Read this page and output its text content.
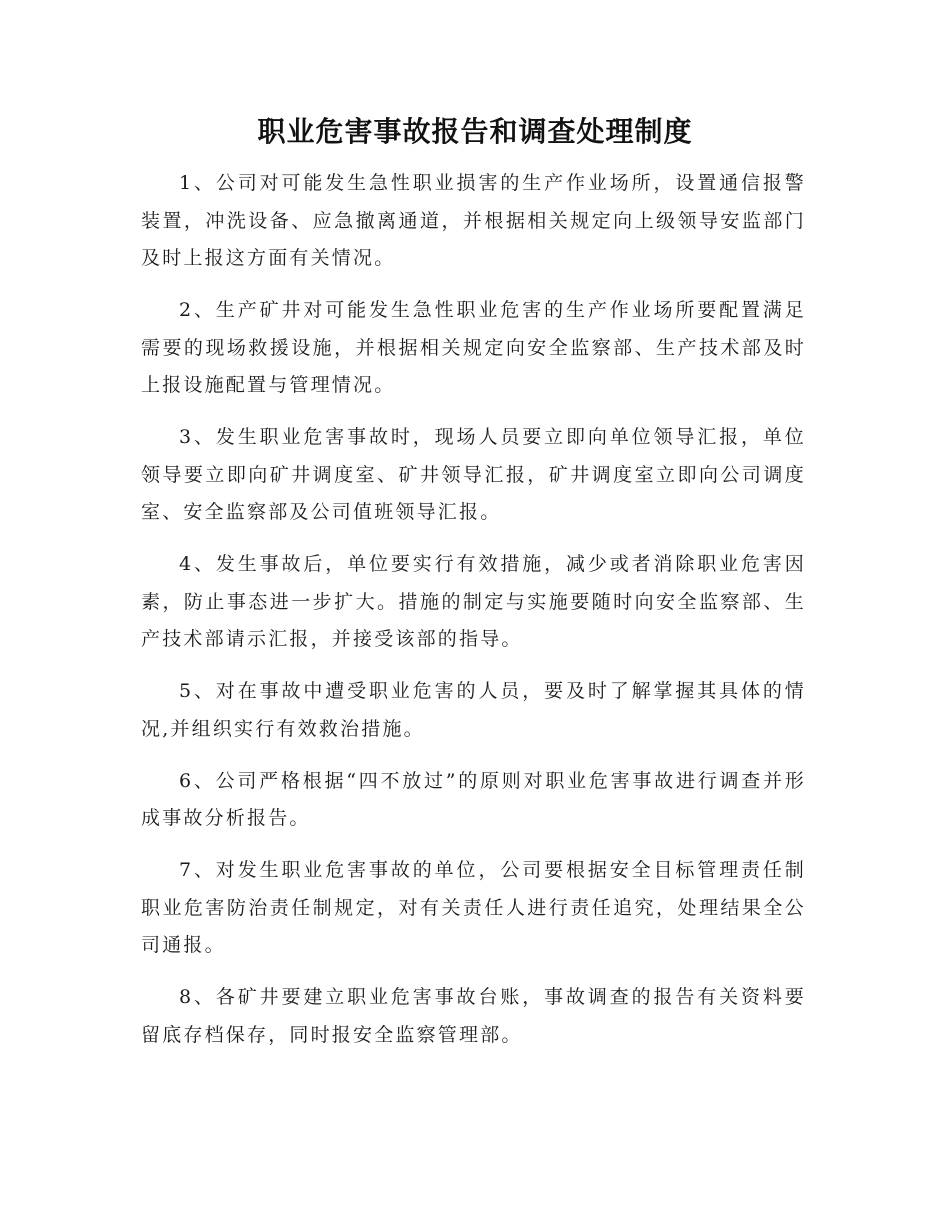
职业危害事故报告和调查处理制度

1、公司对可能发生急性职业损害的生产作业场所，设置通信报警装置，冲洗设备、应急撤离通道，并根据相关规定向上级领导安监部门及时上报这方面有关情况。

2、生产矿井对可能发生急性职业危害的生产作业场所要配置满足需要的现场救援设施，并根据相关规定向安全监察部、生产技术部及时上报设施配置与管理情况。

3、发生职业危害事故时，现场人员要立即向单位领导汇报，单位领导要立即向矿井调度室、矿井领导汇报，矿井调度室立即向公司调度室、安全监察部及公司值班领导汇报。

4、发生事故后，单位要实行有效措施，减少或者消除职业危害因素，防止事态进一步扩大。措施的制定与实施要随时向安全监察部、生产技术部请示汇报，并接受该部的指导。

5、对在事故中遭受职业危害的人员，要及时了解掌握其具体的情况,并组织实行有效救治措施。

6、公司严格根据“四不放过”的原则对职业危害事故进行调查并形成事故分析报告。

7、对发生职业危害事故的单位，公司要根据安全目标管理责任制职业危害防治责任制规定，对有关责任人进行责任追究，处理结果全公司通报。

8、各矿井要建立职业危害事故台账，事故调查的报告有关资料要留底存档保存，同时报安全监察管理部。
